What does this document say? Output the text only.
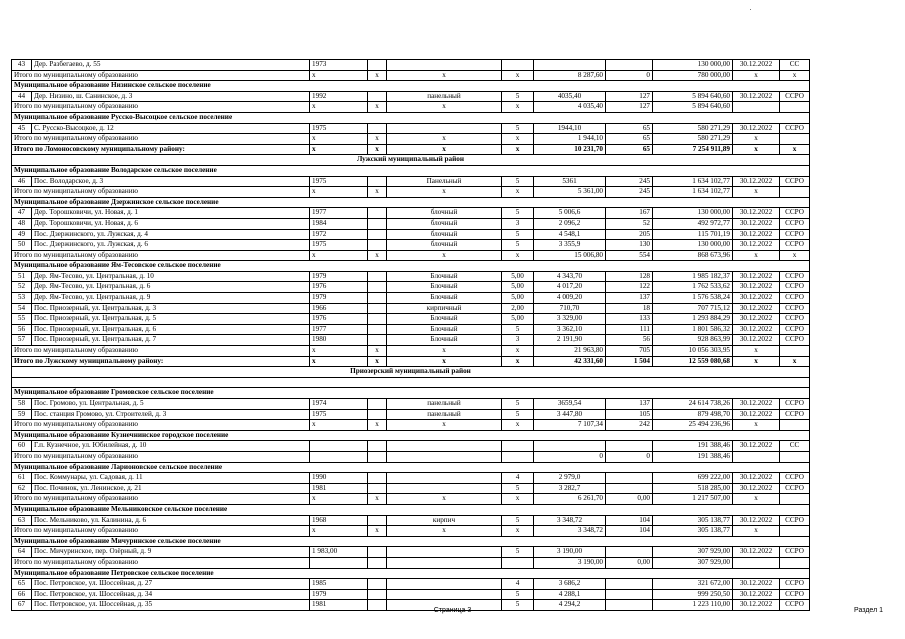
43	Дер. Разбегаево, д. 55	1973						130 000,00	30.12.2022	СС
Итого по муниципальному образованию		x	x	x	x	8 287,60	0	780 000,00	x	x
Муниципальное образование Низинское сельское поселение										
44	Дер. Низино, ш. Санинское, д. 3	1992		панельный	5	4035,40	127	5 894 640,60	30.12.2022	ССРО
Итого по муниципальному образованию		x	x	x	x	4 035,40	127	5 894 640,60		
Муниципальное образование Русско-Высоцкое сельское поселение										
45	С. Русско-Высоцкое, д. 12	1975			5	1944,10	65	580 271,29	30.12.2022	ССРО
Итого по муниципальному образованию		x	x	x	x	1 944,10	65	580 271,29	x	
Итого по Ломоносовскому муниципальному району:		x	x	x	x	10 231,70	65	7 254 911,89	x	x
Лужский муниципальный район										
Муниципальное образование Володарское сельское поселение										
46	Пос. Володарское, д. 3	1975		Панельный	5	5361	245	1 634 102,77	30.12.2022	ССРО
Итого по муниципальному образованию		x	x	x	x	5 361,00	245	1 634 102,77	x	
Муниципальное образование Дзержинское сельское поселение										
47	Дер. Торошковичи, ул. Новая, д. 1	1977		блочный	5	5 006,6	167	130 000,00	30.12.2022	ССРО
48	Дер. Торошковичи, ул. Новая, д. 6	1984		блочный	3	2 096,2	52	492 972,77	30.12.2022	ССРО
49	Пос. Дзержинского, ул. Лужская, д. 4	1972		блочный	5	4 548,1	205	115 701,19	30.12.2022	ССРО
50	Пос. Дзержинского, ул. Лужская, д. 6	1975		блочный	5	3 355,9	130	130 000,00	30.12.2022	ССРО
Итого по муниципальному образованию		x	x	x	x	15 006,80	554	868 673,96	x	x
Муниципальное образование Ям-Тесовское сельское поселение										
51	Дер. Ям-Тесово, ул. Центральная, д. 10	1979		Блочный	5,00	4 343,70	128	1 985 182,37	30.12.2022	ССРО
52	Дер. Ям-Тесово, ул. Центральная, д. 6	1976		Блочный	5,00	4 017,20	122	1 762 533,62	30.12.2022	ССРО
53	Дер. Ям-Тесово, ул. Центральная, д. 9	1979		Блочный	5,00	4 009,20	137	1 576 538,24	30.12.2022	ССРО
54	Пос. Приозерный, ул. Центральная, д. 3	1966		кирпичный	2,00	710,70	18	707 715,12	30.12.2022	ССРО
55	Пос. Приозерный, ул. Центральная, д. 5	1976		Блочный	5,00	3 329,00	133	1 293 884,29	30.12.2022	ССРО
56	Пос. Приозерный, ул. Центральная, д. 6	1977		Блочный	5	3 362,10	111	1 801 586,32	30.12.2022	ССРО
57	Пос. Приозерный, ул. Центральная, д. 7	1980		Блочный	3	2 191,90	56	928 863,99	30.12.2022	ССРО
Итого по муниципальному образованию		x	x	x	x	21 963,80	705	10 056 303,95	x	
Итого по Лужскому муниципальному району:		x	x	x	x	42 331,60	1 504	12 559 080,68	x	x
Приозерский муниципальный район										

Муниципальное образование Громовское сельское поселение										
58	Пос. Громово, ул. Центральная, д. 5	1974		панельный	5	3659,54	137	24 614 738,26	30.12.2022	ССРО
59	Пос. станция Громово, ул. Строителей, д. 3	1975		панельный	5	3 447,80	105	879 498,70	30.12.2022	ССРО
Итого по муниципальному образованию		x	x	x	x	7 107,34	242	25 494 236,96	x	
Муниципальное образование Кузнечнинское городское поселение										
60	Г.п. Кузнечное, ул. Юбилейная, д. 10							191 388,46	30.12.2022	СС
Итого по муниципальному образованию						0	0	191 388,46		
Муниципальное образование Ларионовское сельское поселение										
61	Пос. Коммунары, ул. Садовая, д. 11	1990			4	2 979,0		699 222,00	30.12.2022	ССРО
62	Пос. Починок, ул. Ленинское, д. 21	1981			5	3 282,7		518 285,00	30.12.2022	ССРО
Итого по муниципальному образованию		x	x	x	x	6 261,70	0,00	1 217 507,00	x	
Муниципальное образование Мельниковское сельское поселение										
63	Пос. Мельниково, ул. Калинина, д. 6	1968		кирпич	5	3 348,72	104	305 138,77	30.12.2022	ССРО
Итого по муниципальному образованию		x	x	x	x	3 348,72	104	305 138,77	x	
Муниципальное образование Мичуринское сельское поселение										
64	Пос. Мичуринское, пер. Озёрный, д. 9	1 983,00			5	3 190,00		307 929,00	30.12.2022	ССРО
Итого по муниципальному образованию						3 190,00	0,00	307 929,00		
Муниципальное образование Петровское сельское поселение										
65	Пос. Петровское, ул. Шоссейная, д. 27	1985			4	3 686,2		321 672,00	30.12.2022	ССРО
66	Пос. Петровское, ул. Шоссейная, д. 34	1979			5	4 288,1		999 250,50	30.12.2022	ССРО
67	Пос. Петровское, ул. Шоссейная, д. 35	1981			5	4 294,2		1 223 110,00	30.12.2022	ССРО
Страница 3	Раздел 1
